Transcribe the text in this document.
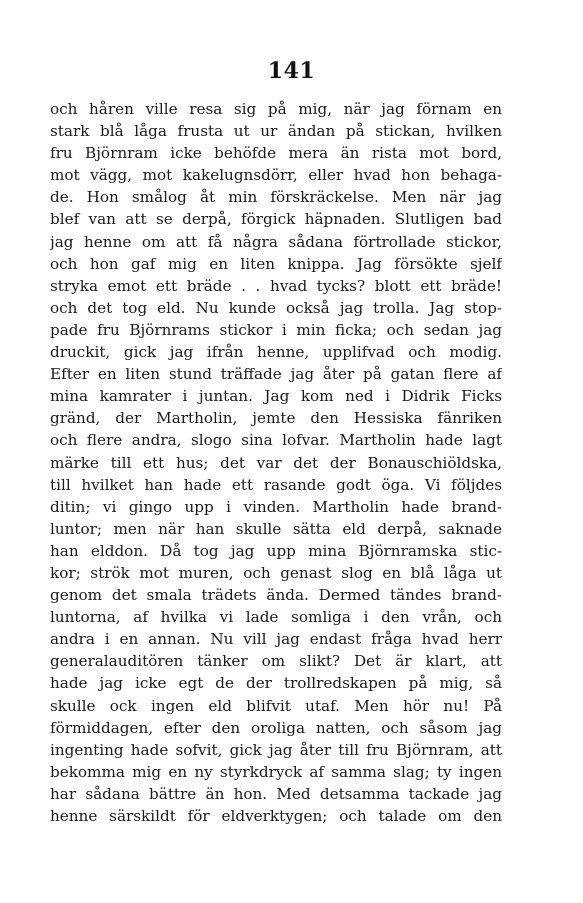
141
och håren ville resa sig på mig, när jag förnam en
stark blå låga frusta ut ur ändan på stickan, hvilken
fru Björnram icke behöfde mera än rista mot bord,
mot vägg, mot kakelugnsdörr, eller hvad hon behaga-
de. Hon smålog åt min förskräckelse. Men när jag
blef van att se derpå, förgick häpnaden. Slutligen bad
jag henne om att få några sådana förtrollade stickor,
och hon gaf mig en liten knippa. Jag försökte sjelf
stryka emot ett bräde . . hvad tycks? blott ett bräde!
och det tog eld. Nu kunde också jag trolla. Jag stop-
pade fru Björnrams stickor i min ficka; och sedan jag
druckit, gick jag ifrån henne, upplifvad och modig.
Efter en liten stund träffade jag åter på gatan flere af
mina kamrater i juntan. Jag kom ned i Didrik Ficks
gränd, der Martholin, jemte den Hessiska fänriken
och flere andra, slogo sina lofvar. Martholin hade lagt
märke till ett hus; det var det der Bonauschiöldska,
till hvilket han hade ett rasande godt öga. Vi följdes
ditin; vi gingo upp i vinden. Martholin hade brand-
luntor; men när han skulle sätta eld derpå, saknade
han elddon. Då tog jag upp mina Björnramska stic-
kor; strök mot muren, och genast slog en blå låga ut
genom det smala trädets ända. Dermed tändes brand-
luntorna, af hvilka vi lade somliga i den vrån, och
andra i en annan. Nu vill jag endast fråga hvad herr
generalauditören tänker om slikt? Det är klart, att
hade jag icke egt de der trollredskapen på mig, så
skulle ock ingen eld blifvit utaf. Men hör nu! På
förmiddagen, efter den oroliga natten, och såsom jag
ingenting hade sofvit, gick jag åter till fru Björnram, att
bekomma mig en ny styrkdryck af samma slag; ty ingen
har sådana bättre än hon. Med detsamma tackade jag
henne särskildt för eldverktygen; och talade om den
